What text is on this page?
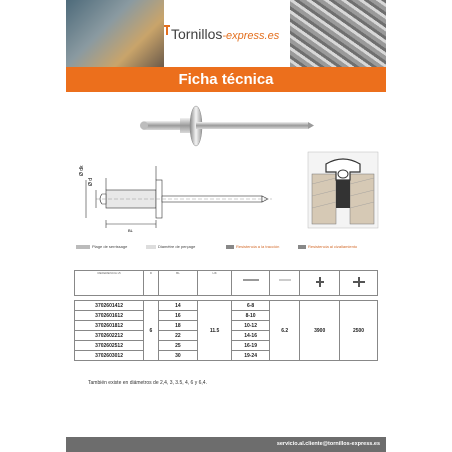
Tornillos-express.es
Ficha técnica
Ø d
Ø dk
BL
Plage de serrissage	Diamètre de perçage	Resistencia a la tracción	Resistencia al cizallamiento
REFERENCIA x5	D	BL	HK	

3702601412	6	14	11.5	6-8	6.2	3900	2500
3702601612		16		8-10			
3702601812		18		10-12			
3702602212		22		14-16			
3702602512		25		16-19			
3702603012		30		19-24			
También existe en diámetros de 2,4, 3, 3.5, 4, 6 y 6,4.
servicio.al.cliente@tornillos-express.es
